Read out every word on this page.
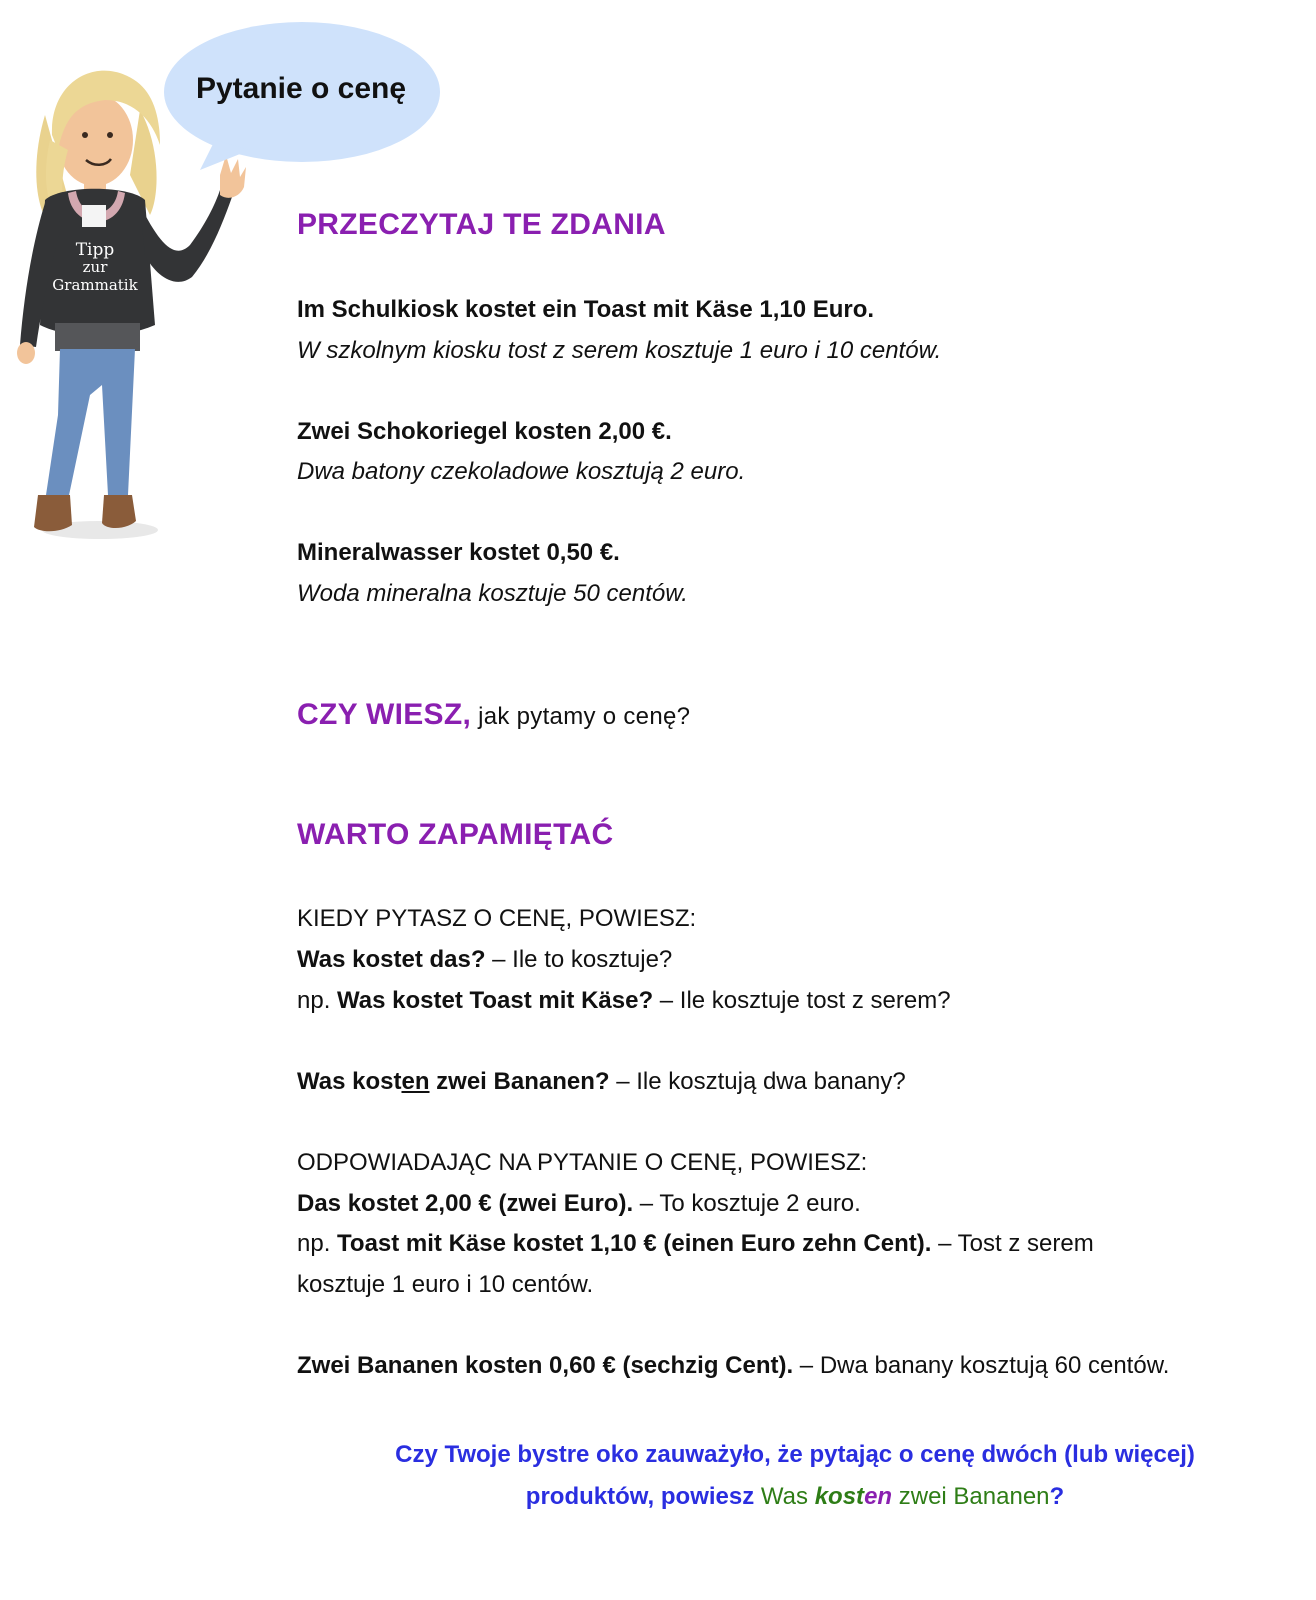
Tipp
zur
Grammatik
Pytanie o cenę
PRZECZYTAJ TE ZDANIA
Im Schulkiosk kostet ein Toast mit Käse 1,10 Euro.
W szkolnym kiosku tost z serem kosztuje 1 euro i 10 centów.
Zwei Schokoriegel kosten 2,00 €.
Dwa batony czekoladowe kosztują 2 euro.
Mineralwasser kostet 0,50 €.
Woda mineralna kosztuje 50 centów.
CZY WIESZ, jak pytamy o cenę?
WARTO ZAPAMIĘTAĆ
KIEDY PYTASZ O CENĘ, POWIESZ:
Was kostet das? – Ile to kosztuje?
np. Was kostet Toast mit Käse? – Ile kosztuje tost z serem?
Was kosten zwei Bananen? – Ile kosztują dwa banany?
ODPOWIADAJĄC NA PYTANIE O CENĘ, POWIESZ:
Das kostet 2,00 € (zwei Euro). – To kosztuje 2 euro.
np. Toast mit Käse kostet 1,10 € (einen Euro zehn Cent). – Tost z serem
kosztuje 1 euro i 10 centów.
Zwei Bananen kosten 0,60 € (sechzig Cent). – Dwa banany kosztują 60 centów.
Czy Twoje bystre oko zauważyło, że pytając o cenę dwóch (lub więcej)
produktów, powiesz Was kosten zwei Bananen?
